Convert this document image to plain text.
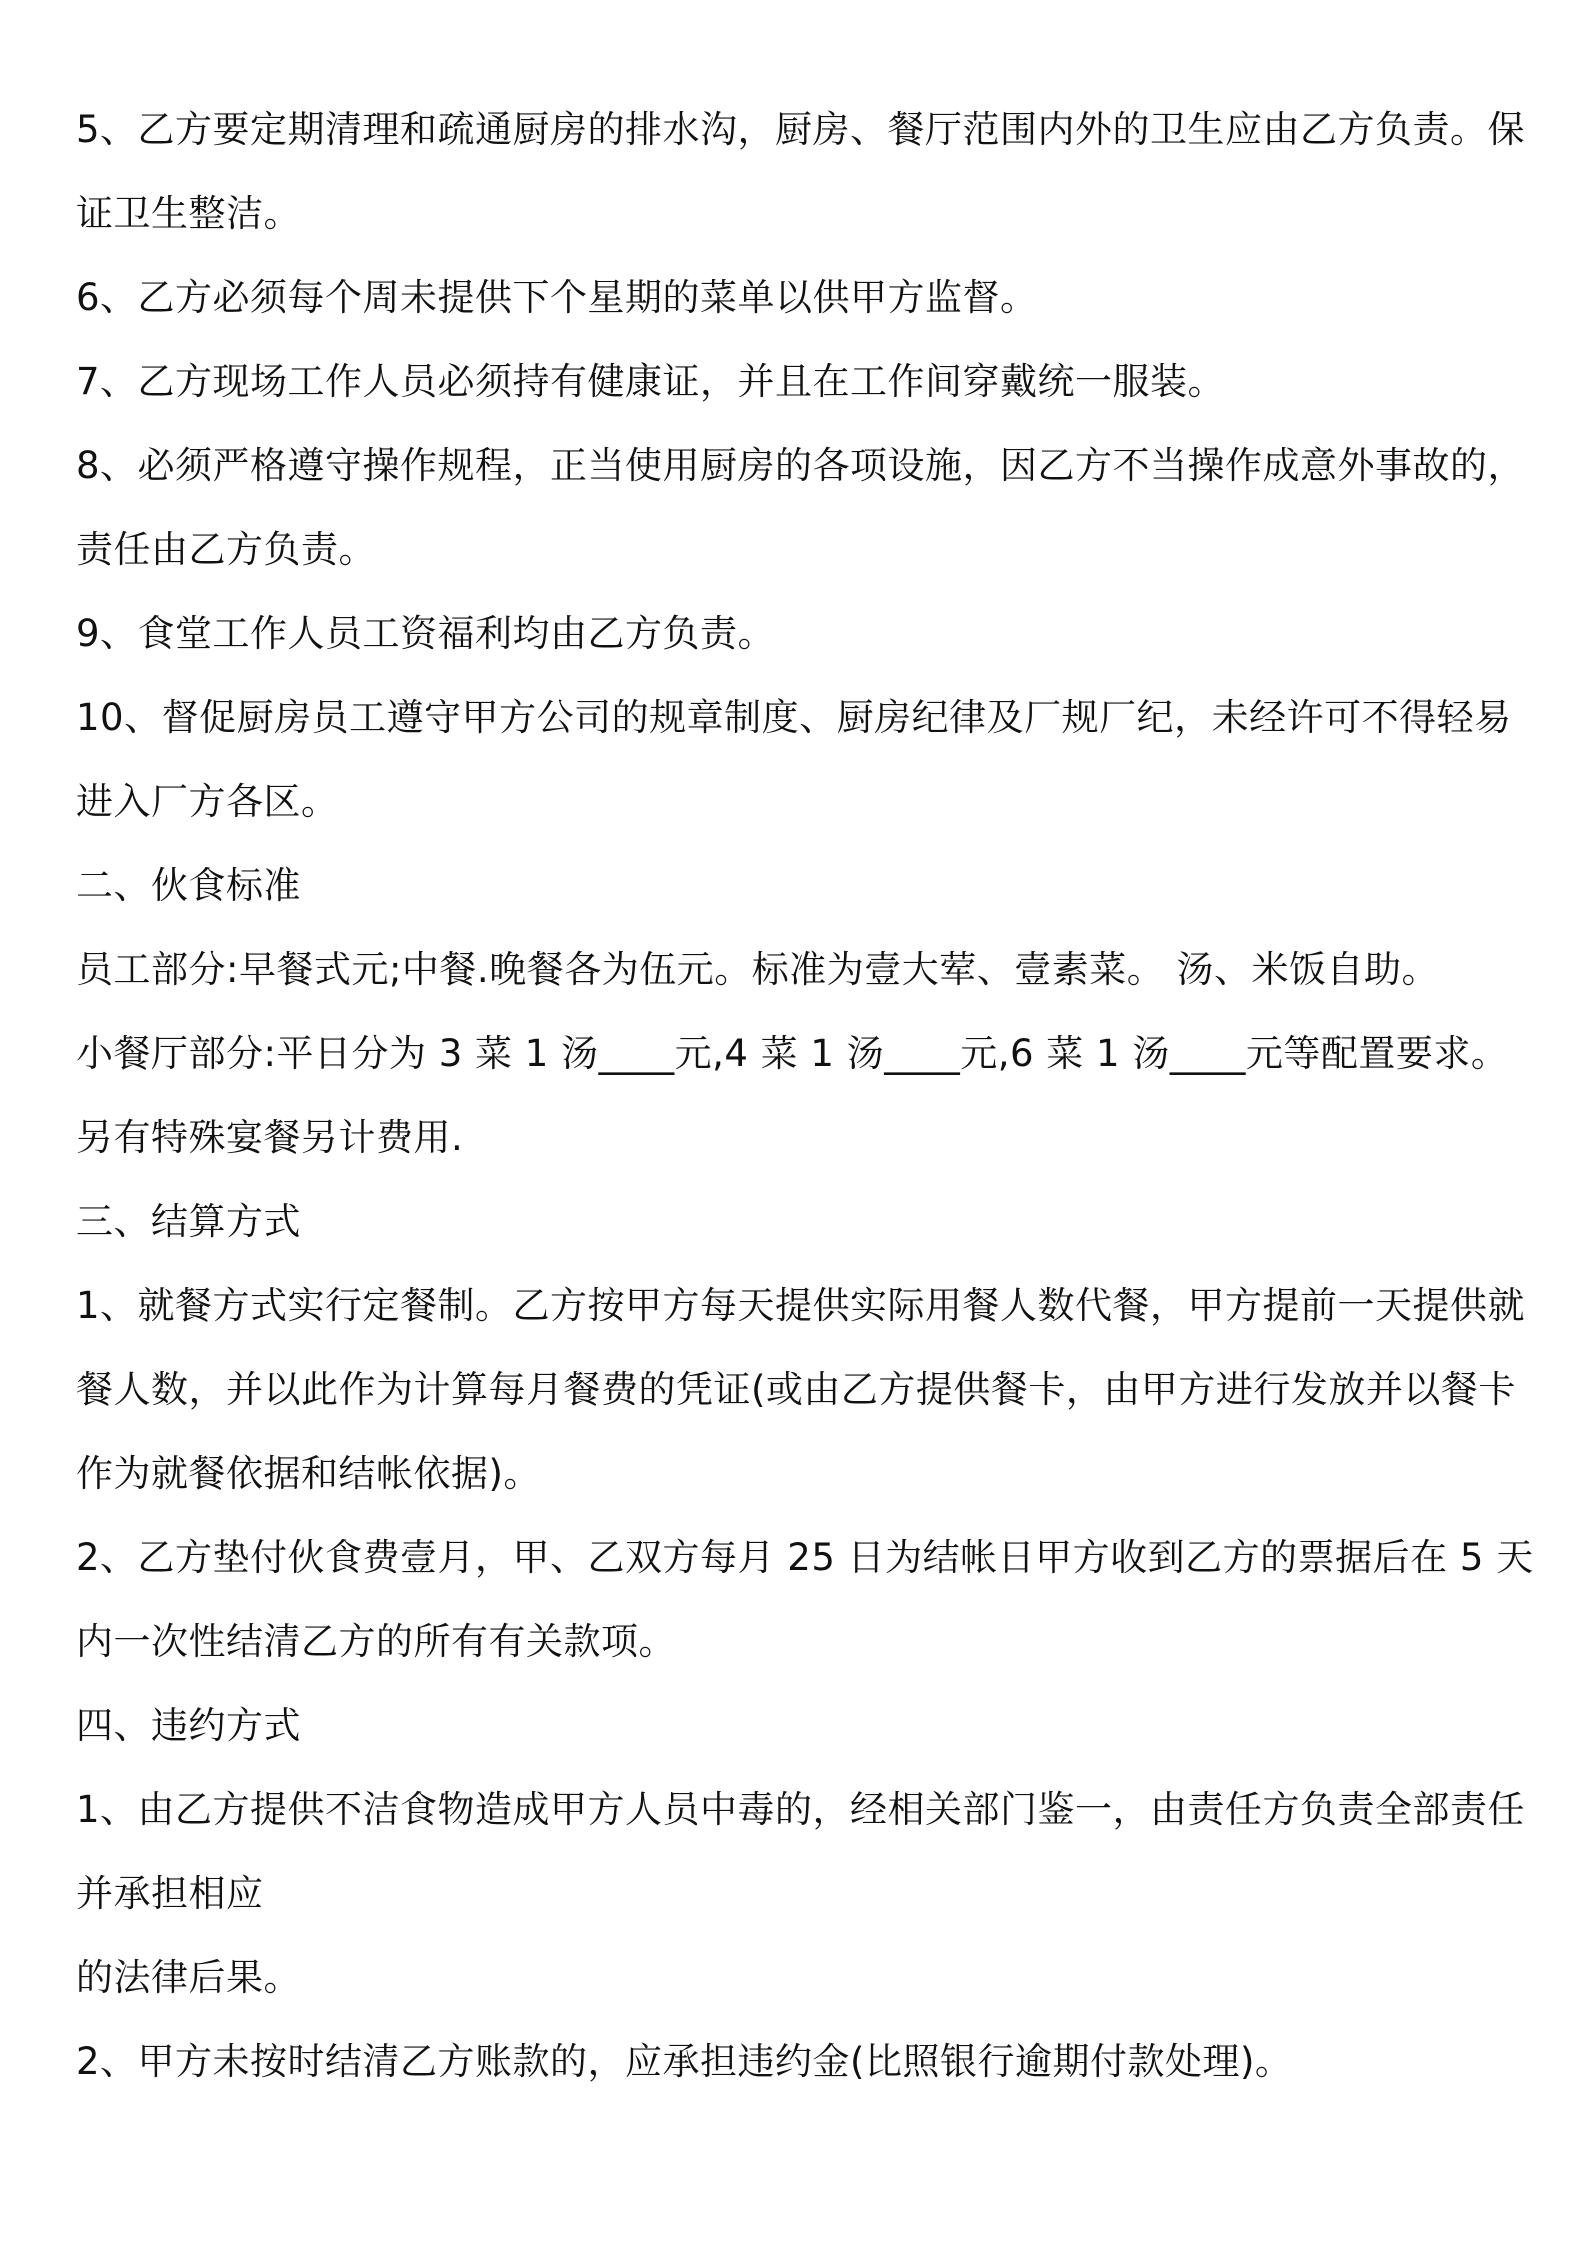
5、乙方要定期清理和疏通厨房的排水沟，厨房、餐厅范围内外的卫生应由乙方负责。保
证卫生整洁。
6、乙方必须每个周未提供下个星期的菜单以供甲方监督。
7、乙方现场工作人员必须持有健康证，并且在工作间穿戴统一服装。
8、必须严格遵守操作规程，正当使用厨房的各项设施，因乙方不当操作成意外事故的，
责任由乙方负责。
9、食堂工作人员工资福利均由乙方负责。
10、督促厨房员工遵守甲方公司的规章制度、厨房纪律及厂规厂纪，未经许可不得轻易
进入厂方各区。
二、伙食标准
员工部分:早餐式元;中餐.晚餐各为伍元。标准为壹大荤、壹素菜。 汤、米饭自助。
小餐厅部分:平日分为 3 菜 1 汤____元,4 菜 1 汤____元,6 菜 1 汤____元等配置要求。
另有特殊宴餐另计费用.
三、结算方式
1、就餐方式实行定餐制。乙方按甲方每天提供实际用餐人数代餐，甲方提前一天提供就
餐人数，并以此作为计算每月餐费的凭证(或由乙方提供餐卡，由甲方进行发放并以餐卡
作为就餐依据和结帐依据)。
2、乙方垫付伙食费壹月，甲、乙双方每月 25 日为结帐日甲方收到乙方的票据后在 5 天
内一次性结清乙方的所有有关款项。
四、违约方式
1、由乙方提供不洁食物造成甲方人员中毒的，经相关部门鉴一，由责任方负责全部责任
并承担相应
的法律后果。
2、甲方未按时结清乙方账款的，应承担违约金(比照银行逾期付款处理)。
